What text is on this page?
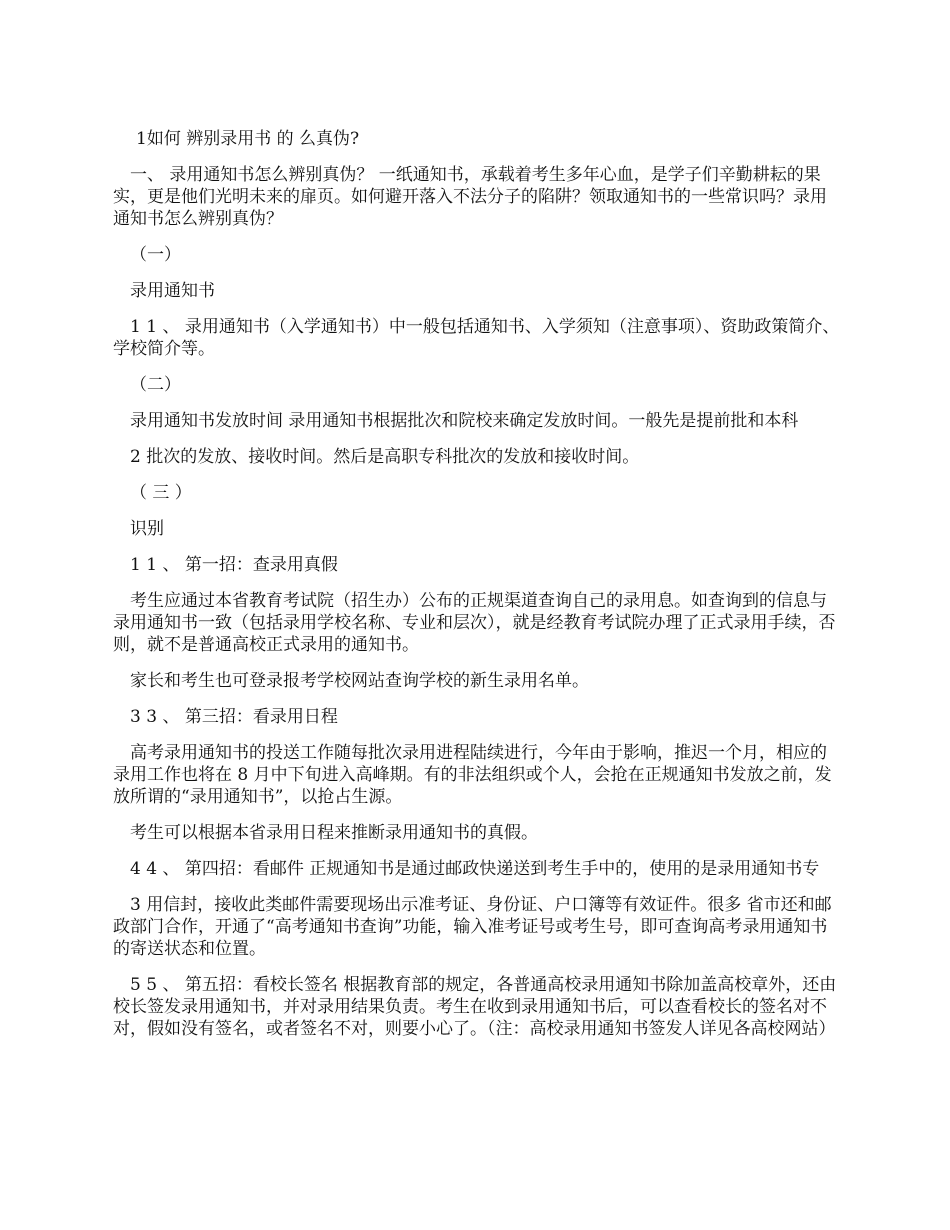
1如何 辨别录用书 的 么真伪?

一、 录用通知书怎么辨别真伪？ 一纸通知书，承载着考生多年心血，是学子们辛勤耕耘的果实，更是他们光明未来的扉页。如何避开落入不法分子的陷阱？领取通知书的一些常识吗？录用通知书怎么辨别真伪？

（一）

录用通知书

1 1 、 录用通知书（入学通知书）中一般包括通知书、入学须知（注意事项）、资助政策简介、学校简介等。

（二）

录用通知书发放时间 录用通知书根据批次和院校来确定发放时间。一般先是提前批和本科

2 批次的发放、接收时间。然后是高职专科批次的发放和接收时间。

（ 三 ）

识别

1 1 、 第一招：查录用真假

考生应通过本省教育考试院（招生办）公布的正规渠道查询自己的录用息。如查询到的信息与录用通知书一致（包括录用学校名称、专业和层次），就是经教育考试院办理了正式录用手续，否则，就不是普通高校正式录用的通知书。

家长和考生也可登录报考学校网站查询学校的新生录用名单。

3 3 、 第三招：看录用日程

高考录用通知书的投送工作随每批次录用进程陆续进行，今年由于影响，推迟一个月，相应的录用工作也将在 8 月中下旬进入高峰期。有的非法组织或个人，会抢在正规通知书发放之前，发放所谓的“录用通知书”，以抢占生源。

考生可以根据本省录用日程来推断录用通知书的真假。

4 4 、 第四招：看邮件 正规通知书是通过邮政快递送到考生手中的，使用的是录用通知书专

3 用信封，接收此类邮件需要现场出示准考证、身份证、户口簿等有效证件。很多 省市还和邮政部门合作，开通了“高考通知书查询”功能，输入准考证号或考生号，即可查询高考录用通知书的寄送状态和位置。

5 5 、 第五招：看校长签名 根据教育部的规定，各普通高校录用通知书除加盖高校章外，还由校长签发录用通知书，并对录用结果负责。考生在收到录用通知书后，可以查看校长的签名对不对，假如没有签名，或者签名不对，则要小心了。（注：高校录用通知书签发人详见各高校网站）
